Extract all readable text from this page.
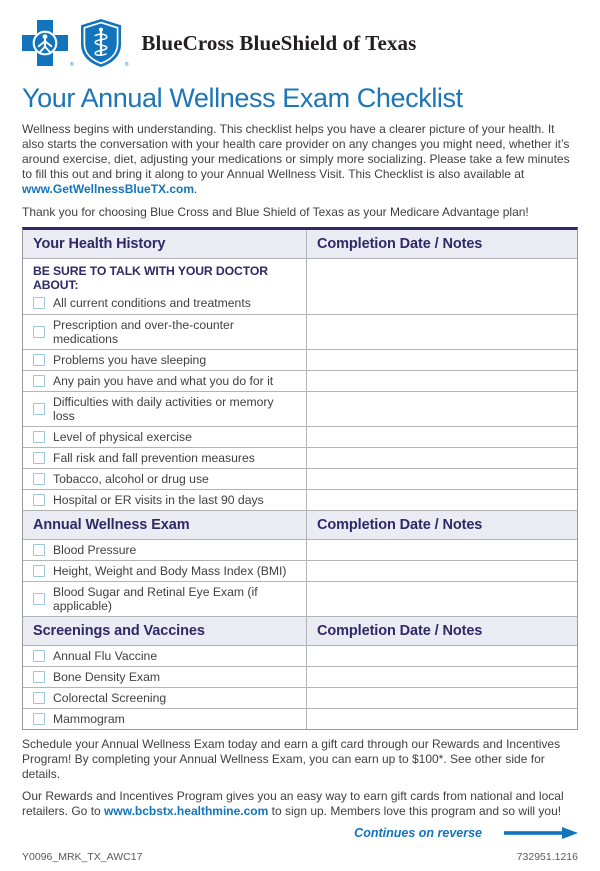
®	®
BlueCross BlueShield of Texas
Your Annual Wellness Exam Checklist

Wellness begins with understanding. This checklist helps you have a clearer picture of your health. It also starts the conversation with your health care provider on any changes you might need, whether it’s around exercise, diet, adjusting your medications or simply more socializing. Please take a few minutes to fill this out and bring it along to your Annual Wellness Visit. This Checklist is also available at www.GetWellnessBlueTX.com.

Thank you for choosing Blue Cross and Blue Shield of Texas as your Medicare Advantage plan!

Your Health History	Completion Date / Notes
BE SURE TO TALK WITH YOUR DOCTOR ABOUT:
All current conditions and treatments
Prescription and over-the-counter medications
Problems you have sleeping
Any pain you have and what you do for it
Difficulties with daily activities or memory loss
Level of physical exercise
Fall risk and fall prevention measures
Tobacco, alcohol or drug use
Hospital or ER visits in the last 90 days
Annual Wellness Exam	Completion Date / Notes
Blood Pressure
Height, Weight and Body Mass Index (BMI)
Blood Sugar and Retinal Eye Exam (if applicable)
Screenings and Vaccines	Completion Date / Notes
Annual Flu Vaccine
Bone Density Exam
Colorectal Screening
Mammogram

Schedule your Annual Wellness Exam today and earn a gift card through our Rewards and Incentives Program! By completing your Annual Wellness Exam, you can earn up to $100*. See other side for details.

Our Rewards and Incentives Program gives you an easy way to earn gift cards from national and local retailers. Go to www.bcbstx.healthmine.com to sign up. Members love this program and so will you!

Continues on reverse
Y0096_MRK_TX_AWC17	732951.1216
